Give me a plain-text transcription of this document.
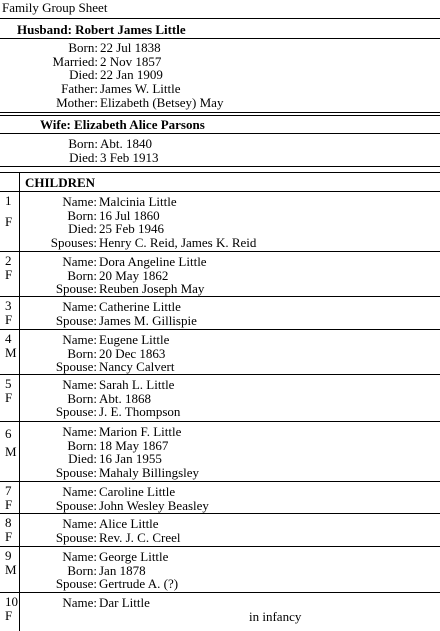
Family Group Sheet
Husband: Robert James Little
Born: 22 Jul 1838
Married: 2 Nov 1857
Died: 22 Jan 1909
Father: James W. Little
Mother: Elizabeth (Betsey) May
Wife: Elizabeth Alice Parsons
Born: Abt. 1840
Died: 3 Feb 1913
CHILDREN
1
F
Name: Malcinia Little
Born: 16 Jul 1860
Died: 25 Feb 1946
Spouses: Henry C. Reid, James K. Reid
2
F
Name: Dora Angeline Little
Born: 20 May 1862
Spouse: Reuben Joseph May
3
F
Name: Catherine Little
Spouse: James M. Gillispie
4
M
Name: Eugene Little
Born: 20 Dec 1863
Spouse: Nancy Calvert
5
F
Name: Sarah L. Little
Born: Abt. 1868
Spouse: J. E. Thompson
6
M
Name: Marion F. Little
Born: 18 May 1867
Died: 16 Jan 1955
Spouse: Mahaly Billingsley
7
F
Name: Caroline Little
Spouse: John Wesley Beasley
8
F
Name: Alice Little
Spouse: Rev. J. C. Creel
9
M
Name: George Little
Born: Jan 1878
Spouse: Gertrude A. (?)
10
F
Name: Dar Little
in infancy
